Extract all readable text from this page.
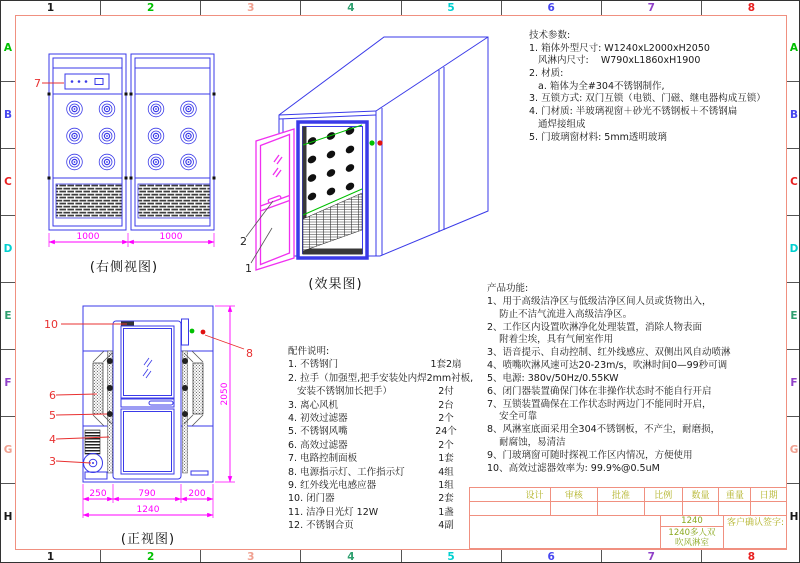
1	2	3	4	5	6	7	8
1	2	3	4	5	6	7	8
A
B
C
D
E
F
G
H
A
B
C
D
E
F
G
H
1000	1000
7
(右侧视图)
2
1
(效果图)
250	790	200
1240
2050
10
8
6
5
4
3
(正视图)
技术参数:
1. 箱体外型尺寸: W1240xL2000xH2050
风淋内尺寸:    W790xL1860xH1900
2. 材质:
a. 箱体为全#304不锈钢制作,
3. 互锁方式: 双门互锁（电锁、门磁、继电器构成互锁）
4. 门材质: 半玻璃视窗＋砂光不锈钢板＋不锈钢扁
通焊接组成
5. 门玻璃窗材料: 5mm透明玻璃
产品功能:
1、用于高级洁净区与低级洁净区间人员或货物出入，
防止不洁气流进入高级洁净区。
2、工作区内设置吹淋净化处理装置，消除人物表面
附着尘埃，具有气闸室作用
3、语音提示、自动控制、红外线感应、双侧出风自动喷淋
4、喷嘴吹淋风速可达20-23m/s，吹淋时间0—99秒可调
5、电源: 380v/50Hz/0.55KW
6、闭门器装置确保门体在非操作状态时不能自行开启
7、互锁装置确保在工作状态时两边门不能同时开启，
安全可靠
8、风淋室底面采用全304不锈钢板，不产尘，耐磨损，
耐腐蚀，易清洁
9、门玻璃窗可随时探视工作区内情况，方便使用
10、高效过滤器效率为: 99.9%@0.5uM
配件说明:
1. 不锈钢门	1套2扇
2. 拉手（加强型,把手安装处内焊2mm衬板,
安装不锈钢加长把手）	2付
3. 离心风机	2台
4. 初效过滤器	2个
5. 不锈钢风嘴	24个
6. 高效过滤器	2个
7. 电路控制面板	1套
8. 电源指示灯、工作指示灯	4组
9. 红外线光电感应器	1组
10. 闭门器	2套
11. 洁净日光灯 12W	1盏
12. 不锈钢合页	4副
设计	审核	批准	比例	数量	重量	日期
1240
1240多人双
吹风淋室
客户确认签字:
